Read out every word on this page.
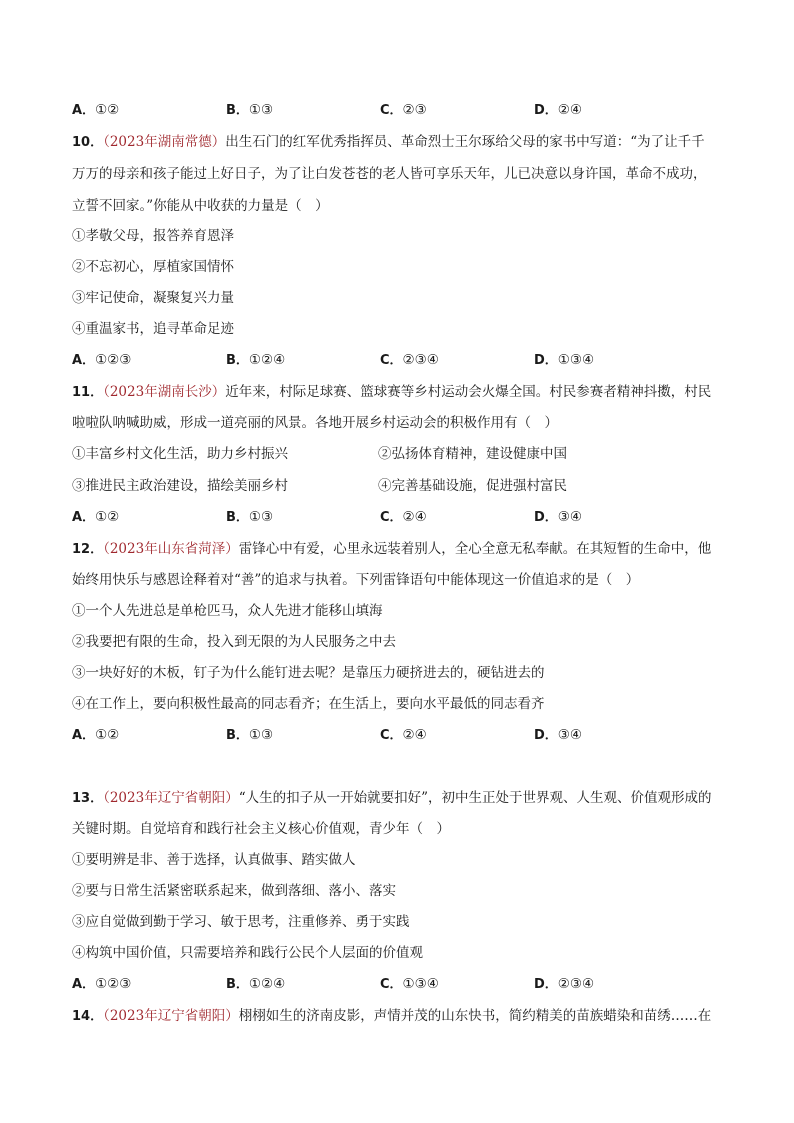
A．①②	B．①③	C．②③	D．②④
10．（2023年湖南常德）出生石门的红军优秀指挥员、革命烈士王尔琢给父母的家书中写道：“为了让千千
万万的母亲和孩子能过上好日子，为了让白发苍苍的老人皆可享乐天年，儿已决意以身许国，革命不成功，
立誓不回家。”你能从中收获的力量是（　）
①孝敬父母，报答养育恩泽
②不忘初心，厚植家国情怀
③牢记使命，凝聚复兴力量
④重温家书，追寻革命足迹
A．①②③	B．①②④	C．②③④	D．①③④
11．（2023年湖南长沙）近年来，村际足球赛、篮球赛等乡村运动会火爆全国。村民参赛者精神抖擞，村民
啦啦队呐喊助威，形成一道亮丽的风景。各地开展乡村运动会的积极作用有（　）
①丰富乡村文化生活，助力乡村振兴	②弘扬体育精神，建设健康中国
③推进民主政治建设，描绘美丽乡村	④完善基础设施，促进强村富民
A．①②	B．①③	C．②④	D．③④
12．（2023年山东省菏泽）雷锋心中有爱，心里永远装着别人，全心全意无私奉献。在其短暂的生命中，他
始终用快乐与感恩诠释着对“善”的追求与执着。下列雷锋语句中能体现这一价值追求的是（　）
①一个人先进总是单枪匹马，众人先进才能移山填海
②我要把有限的生命，投入到无限的为人民服务之中去
③一块好好的木板，钉子为什么能钉进去呢？是靠压力硬挤进去的，硬钻进去的
④在工作上，要向积极性最高的同志看齐；在生活上，要向水平最低的同志看齐
A．①②	B．①③	C．②④	D．③④
13．（2023年辽宁省朝阳）“人生的扣子从一开始就要扣好”，初中生正处于世界观、人生观、价值观形成的
关键时期。自觉培育和践行社会主义核心价值观，青少年（　）
①要明辨是非、善于选择，认真做事、踏实做人
②要与日常生活紧密联系起来，做到落细、落小、落实
③应自觉做到勤于学习、敏于思考，注重修养、勇于实践
④构筑中国价值，只需要培养和践行公民个人层面的价值观
A．①②③	B．①②④	C．①③④	D．②③④
14．（2023年辽宁省朝阳）栩栩如生的济南皮影，声情并茂的山东快书，简约精美的苗族蜡染和苗绣……在
